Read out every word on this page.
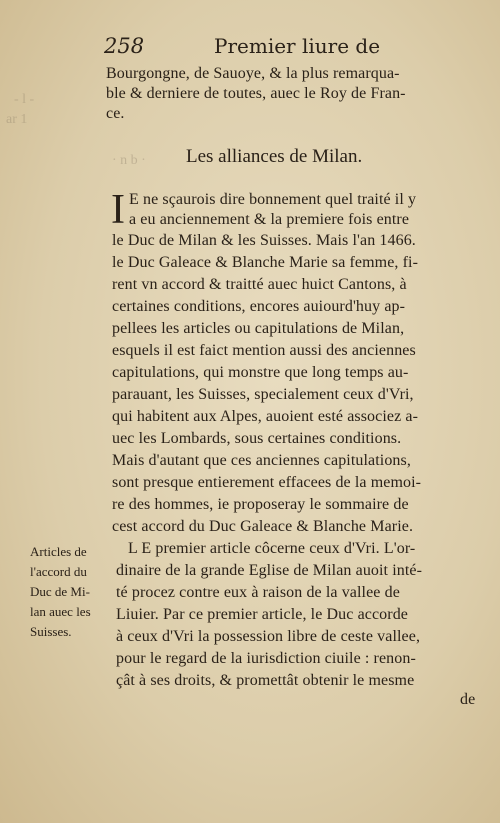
- l -
ar 1
· n b ·
258	Premier liure de
Bourgongne, de Sauoye, & la plus remarqua-
ble & derniere de toutes, auec le Roy de Fran-
ce.
Les alliances de Milan.
I E ne sçaurois dire bonnement quel traité il y
a eu anciennement & la premiere fois entre
le Duc de Milan & les Suisses. Mais l'an 1466.
le Duc Galeace & Blanche Marie sa femme, fi-
rent vn accord & traitté auec huict Cantons, à
certaines conditions, encores auiourd'huy ap-
pellees les articles ou capitulations de Milan,
esquels il est faict mention aussi des anciennes
capitulations, qui monstre que long temps au-
parauant, les Suisses, specialement ceux d'Vri,
qui habitent aux Alpes, auoient esté associez a-
uec les Lombards, sous certaines conditions.
Mais d'autant que ces anciennes capitulations,
sont presque entierement effacees de la memoi-
re des hommes, ie proposeray le sommaire de
cest accord du Duc Galeace & Blanche Marie.
L E premier article côcerne ceux d'Vri. L'or-
dinaire de la grande Eglise de Milan auoit inté-
té procez contre eux à raison de la vallee de
Liuier. Par ce premier article, le Duc accorde
à ceux d'Vri la possession libre de ceste vallee,
pour le regard de la iurisdiction ciuile : renon-
çât à ses droits, & promettât obtenir le mesme
de
Articles de
l'accord du
Duc de Mi-
lan auec les
Suisses.
